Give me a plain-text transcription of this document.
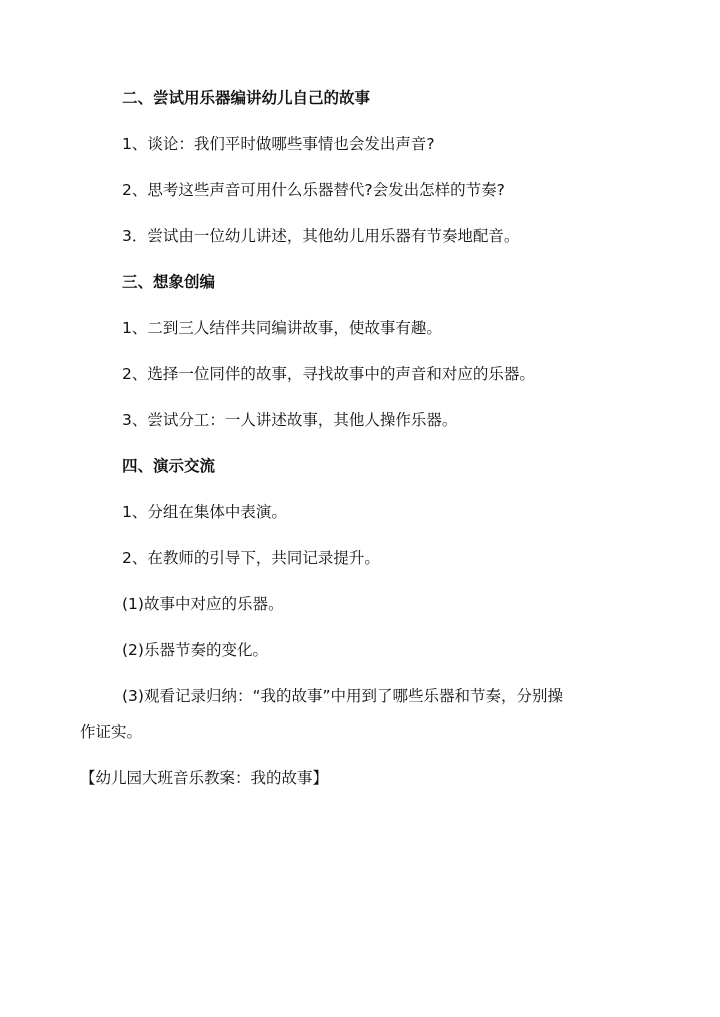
二、尝试用乐器编讲幼儿自己的故事
1、谈论：我们平时做哪些事情也会发出声音?
2、思考这些声音可用什么乐器替代?会发出怎样的节奏?
3．尝试由一位幼儿讲述，其他幼儿用乐器有节奏地配音。
三、想象创编
1、二到三人结伴共同编讲故事，使故事有趣。
2、选择一位同伴的故事，寻找故事中的声音和对应的乐器。
3、尝试分工：一人讲述故事，其他人操作乐器。
四、演示交流
1、分组在集体中表演。
2、在教师的引导下，共同记录提升。
(1)故事中对应的乐器。
(2)乐器节奏的变化。
(3)观看记录归纳：“我的故事”中用到了哪些乐器和节奏，分别操
作证实。
【幼儿园大班音乐教案：我的故事】
